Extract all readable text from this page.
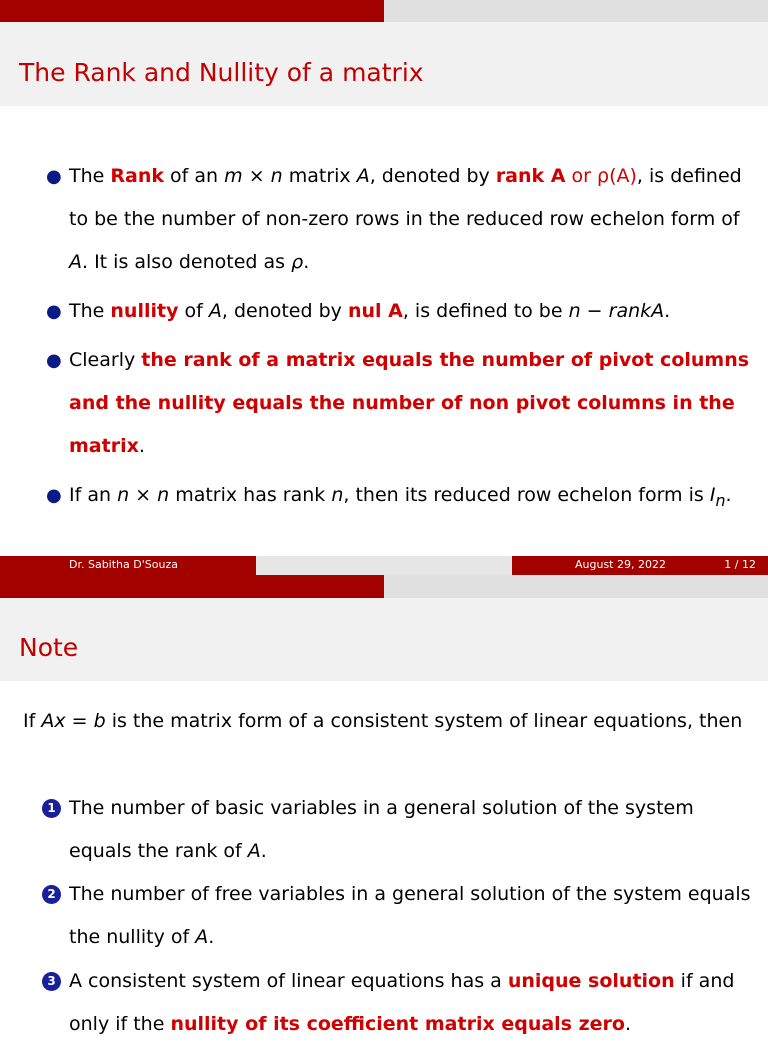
The Rank and Nullity of a matrix
● The Rank of an m × n matrix A, denoted by rank A or ρ(A), is defined to be the number of non-zero rows in the reduced row echelon form of A. It is also denoted as ρ.
● The nullity of A, denoted by nul A, is defined to be n − rankA.
● Clearly the rank of a matrix equals the number of pivot columns and the nullity equals the number of non pivot columns in the matrix.
● If an n × n matrix has rank n, then its reduced row echelon form is $I_n$.
Dr. Sabitha D'Souza	August 29, 2022	1 / 12
Note
If Ax = b is the matrix form of a consistent system of linear equations, then
1 The number of basic variables in a general solution of the system equals the rank of A.
2 The number of free variables in a general solution of the system equals the nullity of A.
3 A consistent system of linear equations has a unique solution if and only if the nullity of its coefficient matrix equals zero.
